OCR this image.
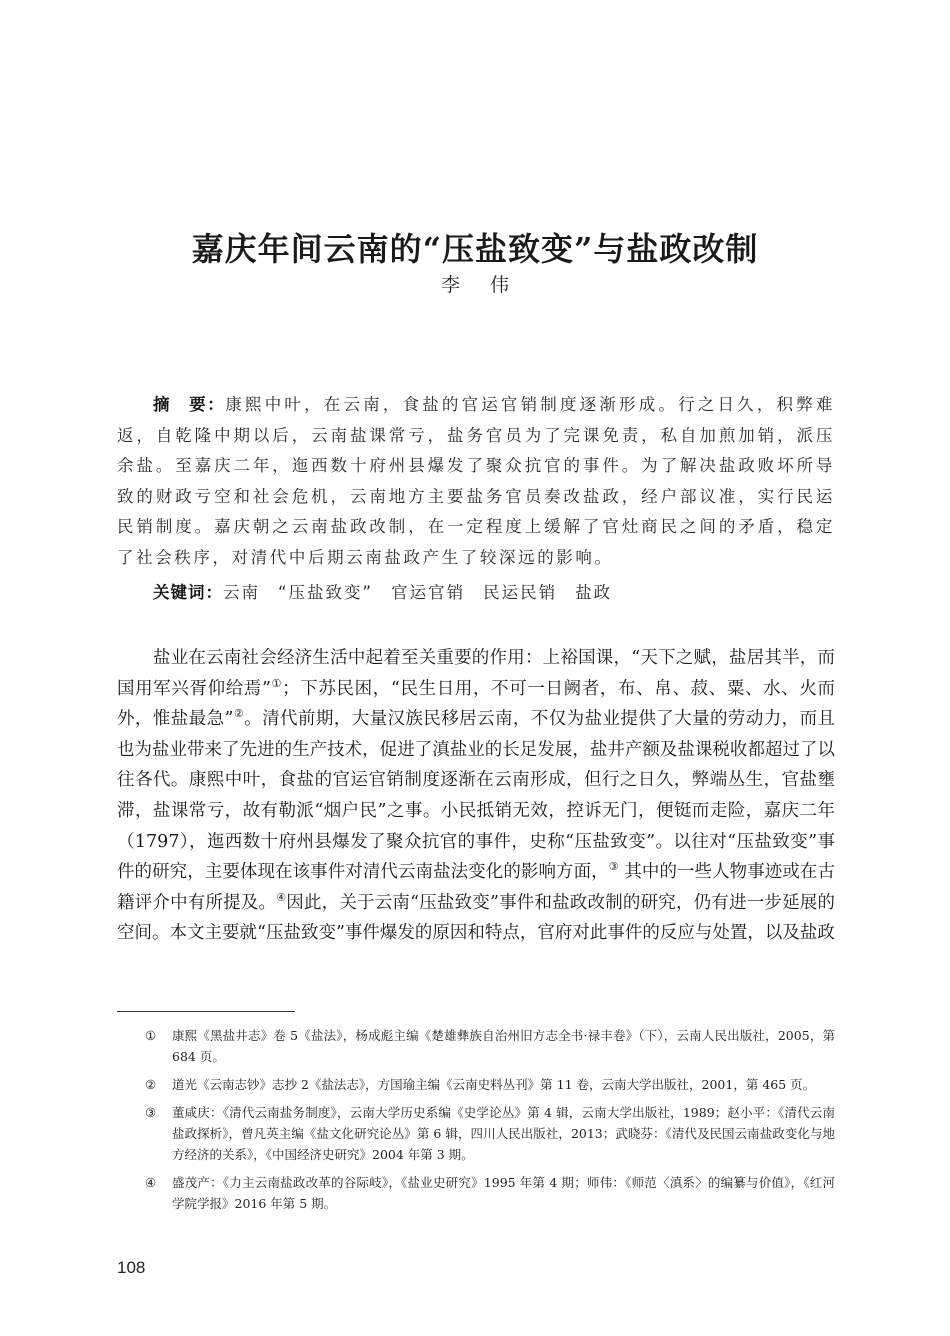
嘉庆年间云南的“压盐致变”与盐政改制
李 伟

摘　要：康熙中叶，在云南，食盐的官运官销制度逐渐形成。行之日久，积弊难返，自乾隆中期以后，云南盐课常亏，盐务官员为了完课免责，私自加煎加销，派压余盐。至嘉庆二年，迤西数十府州县爆发了聚众抗官的事件。为了解决盐政败坏所导致的财政亏空和社会危机，云南地方主要盐务官员奏改盐政，经户部议准，实行民运民销制度。嘉庆朝之云南盐政改制，在一定程度上缓解了官灶商民之间的矛盾，稳定了社会秩序，对清代中后期云南盐政产生了较深远的影响。

关键词：云南 “压盐致变” 官运官销 民运民销 盐政

盐业在云南社会经济生活中起着至关重要的作用：上裕国课，“天下之赋，盐居其半，而国用军兴胥仰给焉”①；下苏民困，“民生日用，不可一日阙者，布、帛、菽、粟、水、火而外，惟盐最急”②。清代前期，大量汉族民移居云南，不仅为盐业提供了大量的劳动力，而且也为盐业带来了先进的生产技术，促进了滇盐业的长足发展，盐井产额及盐课税收都超过了以往各代。康熙中叶，食盐的官运官销制度逐渐在云南形成，但行之日久，弊端丛生，官盐壅滞，盐课常亏，故有勒派“烟户民”之事。小民抵销无效，控诉无门，便铤而走险，嘉庆二年（1797），迤西数十府州县爆发了聚众抗官的事件，史称“压盐致变”。以往对“压盐致变”事件的研究，主要体现在该事件对清代云南盐法变化的影响方面，③ 其中的一些人物事迹或在古籍评介中有所提及。④因此，关于云南“压盐致变”事件和盐政改制的研究，仍有进一步延展的空间。本文主要就“压盐致变”事件爆发的原因和特点，官府对此事件的反应与处置，以及盐政

① 康熙《黑盐井志》卷 5《盐法》，杨成彪主编《楚雄彝族自治州旧方志全书·禄丰卷》（下），云南人民出版社，2005，第 684 页。
② 道光《云南志钞》志抄 2《盐法志》，方国瑜主编《云南史料丛刊》第 11 卷，云南大学出版社，2001，第 465 页。
③ 董咸庆：《清代云南盐务制度》，云南大学历史系编《史学论丛》第 4 辑，云南大学出版社，1989；赵小平：《清代云南盐政探析》，曾凡英主编《盐文化研究论丛》第 6 辑，四川人民出版社，2013；武晓芬：《清代及民国云南盐政变化与地方经济的关系》，《中国经济史研究》2004 年第 3 期。
④ 盛茂产：《力主云南盐政改革的谷际岐》，《盐业史研究》1995 年第 4 期；师伟：《师范〈滇系〉的编纂与价值》，《红河学院学报》2016 年第 5 期。
108
